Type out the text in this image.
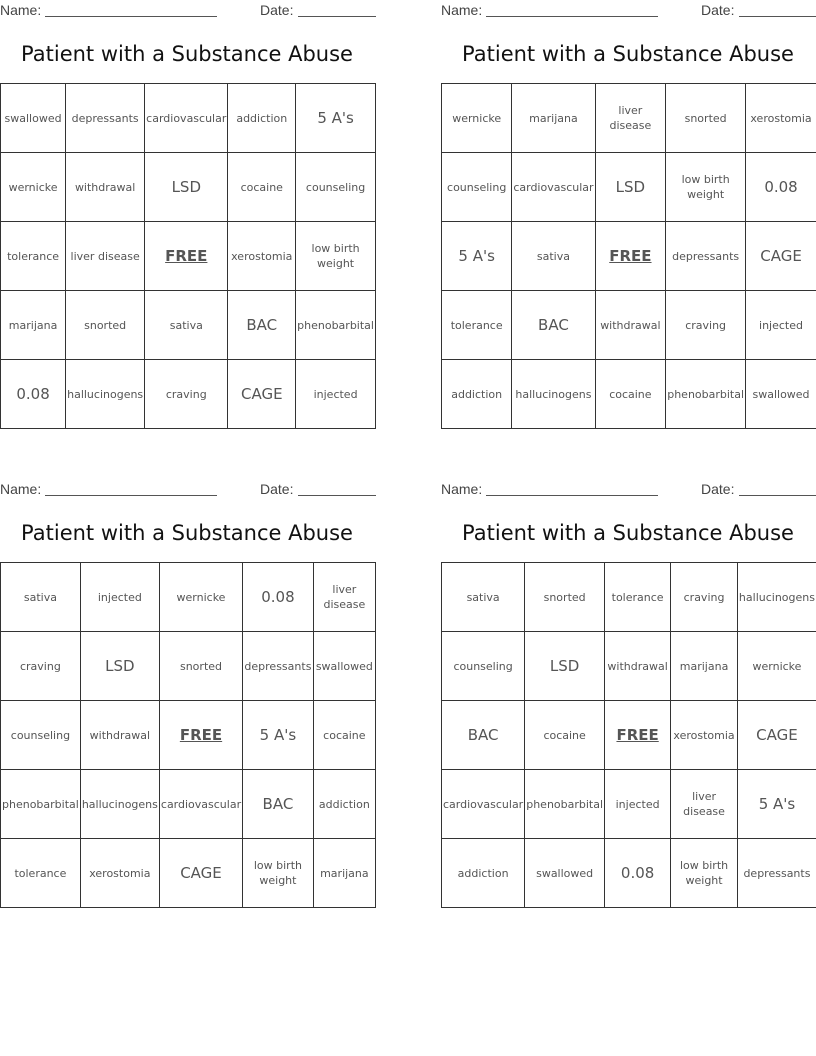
Name:	Date:
Patient with a Substance Abuse
swallowed	depressants	cardiovascular	addiction	5 A's
wernicke	withdrawal	LSD	cocaine	counseling
tolerance	liver disease	FREE	xerostomia	low birth weight
marijana	snorted	sativa	BAC	phenobarbital
0.08	hallucinogens	craving	CAGE	injected
Name:	Date:
Patient with a Substance Abuse
wernicke	marijana	liver disease	snorted	xerostomia
counseling	cardiovascular	LSD	low birth weight	0.08
5 A's	sativa	FREE	depressants	CAGE
tolerance	BAC	withdrawal	craving	injected
addiction	hallucinogens	cocaine	phenobarbital	swallowed
Name:	Date:
Patient with a Substance Abuse
sativa	injected	wernicke	0.08	liver disease
craving	LSD	snorted	depressants	swallowed
counseling	withdrawal	FREE	5 A's	cocaine
phenobarbital	hallucinogens	cardiovascular	BAC	addiction
tolerance	xerostomia	CAGE	low birth weight	marijana
Name:	Date:
Patient with a Substance Abuse
sativa	snorted	tolerance	craving	hallucinogens
counseling	LSD	withdrawal	marijana	wernicke
BAC	cocaine	FREE	xerostomia	CAGE
cardiovascular	phenobarbital	injected	liver disease	5 A's
addiction	swallowed	0.08	low birth weight	depressants
